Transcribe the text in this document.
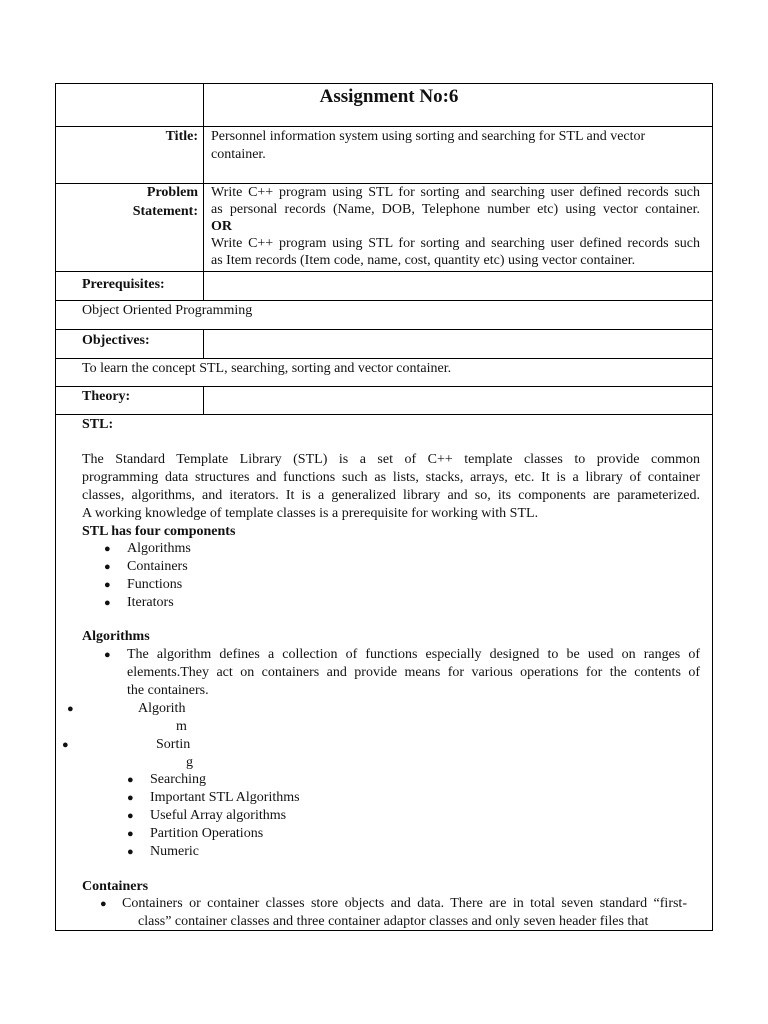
Assignment No:6
Title: Personnel information system using sorting and searching for STL and vector
container.
Problem
Statement:
Write C++ program using STL for sorting and searching user defined records such
as personal records (Name, DOB, Telephone number etc) using vector container.
OR
Write C++ program using STL for sorting and searching user defined records such
as Item records (Item code, name, cost, quantity etc) using vector container.
Prerequisites:
Object Oriented Programming
Objectives:
To learn the concept STL, searching, sorting and vector container.
Theory:
STL:
The Standard Template Library (STL) is a set of C++ template classes to provide common
programming data structures and functions such as lists, stacks, arrays, etc. It is a library of container
classes, algorithms, and iterators. It is a generalized library and so, its components are parameterized.
A working knowledge of template classes is a prerequisite for working with STL.
STL has four components
● Algorithms
● Containers
● Functions
● Iterators
Algorithms
● The algorithm defines a collection of functions especially designed to be used on ranges of
elements.They act on containers and provide means for various operations for the contents of
the containers.
●	Algorith
m
●	Sortin
g
● Searching
● Important STL Algorithms
● Useful Array algorithms
● Partition Operations
● Numeric
Containers
● Containers or container classes store objects and data. There are in total seven standard “first-
class” container classes and three container adaptor classes and only seven header files that
